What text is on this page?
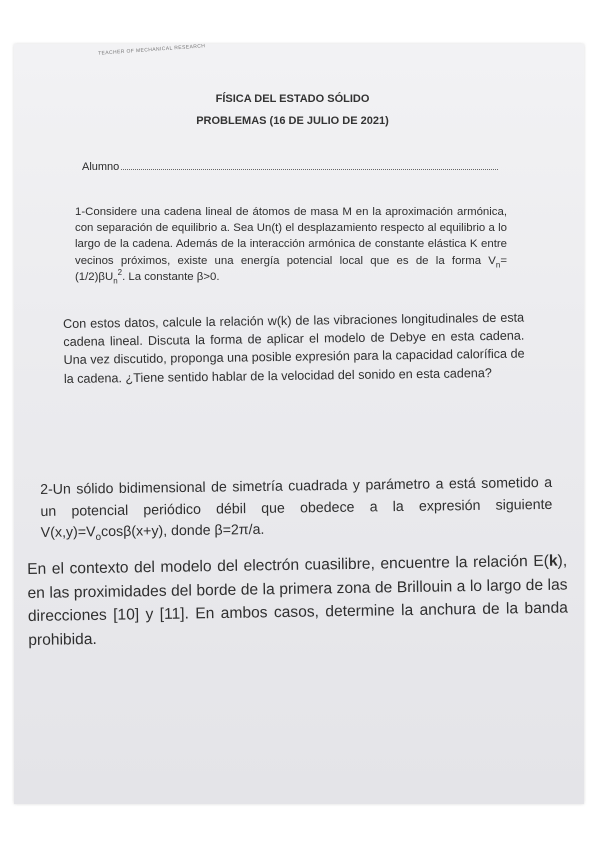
TEACHER OF MECHANICAL RESEARCH
FÍSICA DEL ESTADO SÓLIDO
PROBLEMAS (16 DE JULIO DE 2021)
Alumno
1-Considere una cadena lineal de átomos de masa M en la aproximación armónica, con separación de equilibrio a. Sea Un(t) el desplazamiento respecto al equilibrio a lo largo de la cadena. Además de la interacción armónica de constante elástica K entre vecinos próximos, existe una energía potencial local que es de la forma $V_n= (1/2)\beta U_n^2$. La constante β>0.
Con estos datos, calcule la relación w(k) de las vibraciones longitudinales de esta cadena lineal. Discuta la forma de aplicar el modelo de Debye en esta cadena. Una vez discutido, proponga una posible expresión para la capacidad calorífica de la cadena. ¿Tiene sentido hablar de la velocidad del sonido en esta cadena?
2-Un sólido bidimensional de simetría cuadrada y parámetro a está sometido a un potencial periódico débil que obedece a la expresión siguiente $V(x,y)=V_o\cos\beta(x+y)$, donde β=2π/a.
En el contexto del modelo del electrón cuasilibre, encuentre la relación E(k), en las proximidades del borde de la primera zona de Brillouin a lo largo de las direcciones [10] y [11]. En ambos casos, determine la anchura de la banda prohibida.
